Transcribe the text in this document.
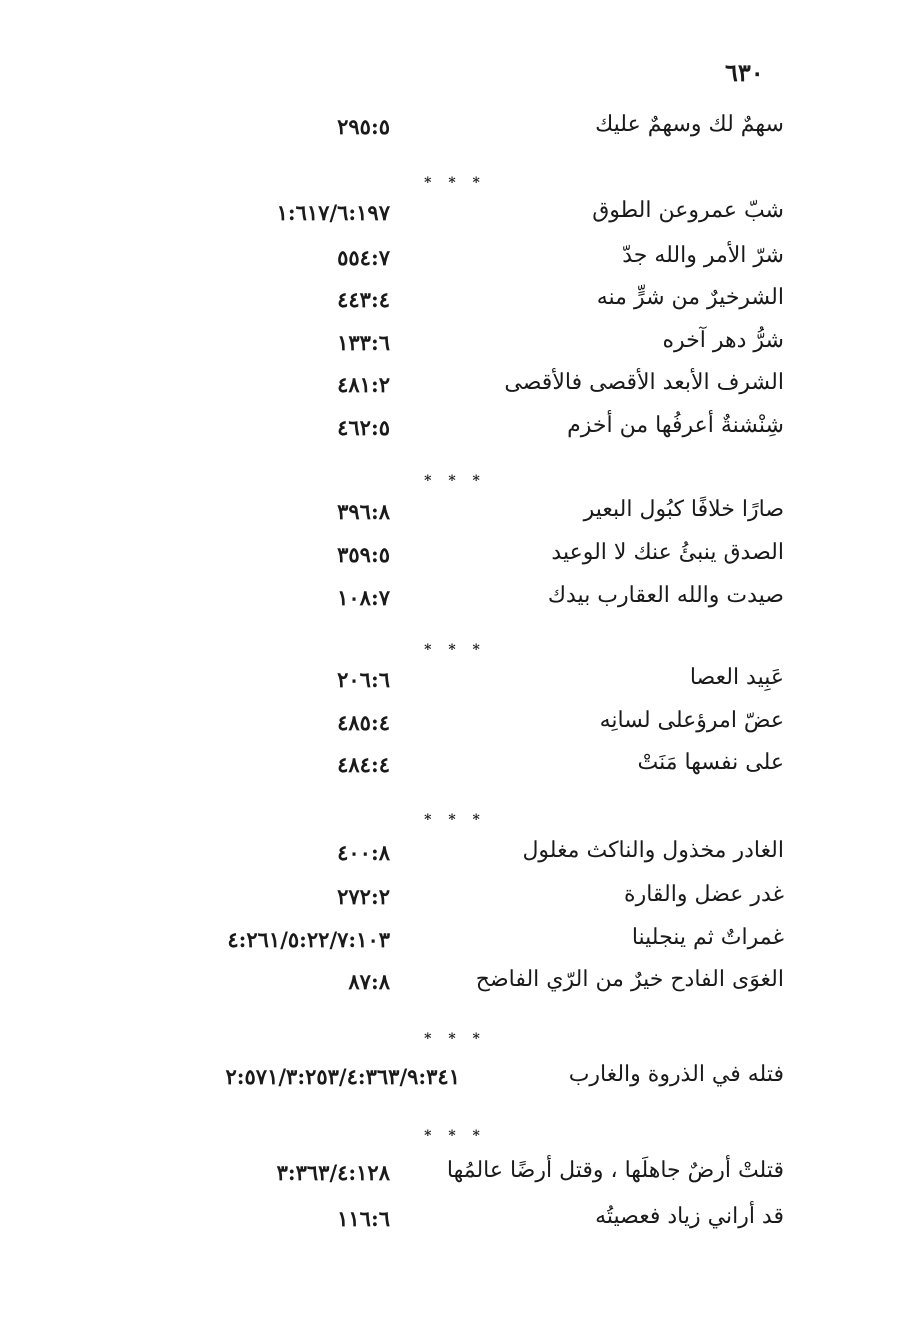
٦٣٠
سهمٌ لك وسهمٌ عليك
٢٩٥:٥
* * *
شبّ عمروعن الطوق
١:٦١٧/٦:١٩٧
شرّ الأمر والله جدّ
٥٥٤:٧
الشرخيرٌ من شرٍّ منه
٤٤٣:٤
شرُّ دهر آخره
١٣٣:٦
الشرف الأبعد الأقصى فالأقصى
٤٨١:٢
شِنْشنةٌ أعرفُها من أخزم
٤٦٢:٥
* * *
صارًا خلافًا كبُول البعير
٣٩٦:٨
الصدق ينبئُ عنك لا الوعيد
٣٥٩:٥
صيدت والله العقارب بيدك
١٠٨:٧
* * *
عَبِيد العصا
٢٠٦:٦
عضّ امرؤعلى لسانِه
٤٨٥:٤
على نفسها مَنَتْ
٤٨٤:٤
* * *
الغادر مخذول والناكث مغلول
٤٠٠:٨
غدر عضل والقارة
٢٧٢:٢
غمراتٌ ثم ينجلينا
٤:٢٦١/٥:٢٢/٧:١٠٣
الغوَى الفادح خيرٌ من الرّي الفاضح
٨٧:٨
* * *
فتله في الذروة والغارب
٢:٥٧١/٣:٢٥٣/٤:٣٦٣/٩:٣٤١
* * *
قتلتْ أرضٌ جاهلَها ، وقتل أرضًا عالمُها
٣:٣٦٣/٤:١٢٨
قد أراني زياد فعصيتُه
١١٦:٦
